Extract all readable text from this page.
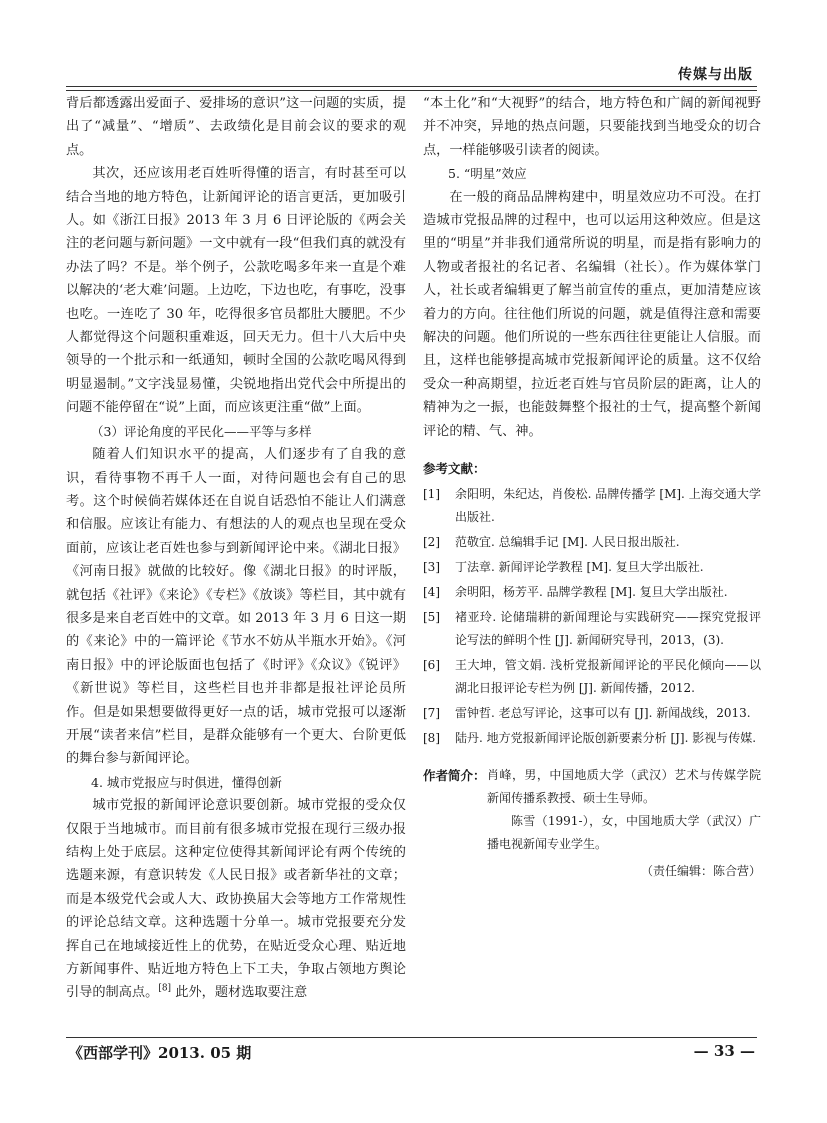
传媒与出版

背后都透露出爱面子、爱排场的意识”这一问题的实质，提出了“减量”、“增质”、去政绩化是目前会议的要求的观点。

其次，还应该用老百姓听得懂的语言，有时甚至可以结合当地的地方特色，让新闻评论的语言更活，更加吸引人。如《浙江日报》2013 年 3 月 6 日评论版的《两会关注的老问题与新问题》一文中就有一段“但我们真的就没有办法了吗？不是。举个例子，公款吃喝多年来一直是个难以解决的‘老大难’问题。上边吃，下边也吃，有事吃，没事也吃。一连吃了 30 年，吃得很多官员都肚大腰肥。不少人都觉得这个问题积重难返，回天无力。但十八大后中央领导的一个批示和一纸通知，顿时全国的公款吃喝风得到明显遏制。”文字浅显易懂，尖锐地指出党代会中所提出的问题不能停留在“说”上面，而应该更注重“做”上面。

（3）评论角度的平民化——平等与多样

随着人们知识水平的提高，人们逐步有了自我的意识，看待事物不再千人一面，对待问题也会有自己的思考。这个时候倘若媒体还在自说自话恐怕不能让人们满意和信服。应该让有能力、有想法的人的观点也呈现在受众面前，应该让老百姓也参与到新闻评论中来。《湖北日报》《河南日报》就做的比较好。像《湖北日报》的时评版，就包括《社评》《来论》《专栏》《放谈》等栏目，其中就有很多是来自老百姓中的文章。如 2013 年 3 月 6 日这一期的《来论》中的一篇评论《节水不妨从半瓶水开始》。《河南日报》中的评论版面也包括了《时评》《众议》《锐评》《新世说》等栏目，这些栏目也并非都是报社评论员所作。但是如果想要做得更好一点的话，城市党报可以逐渐开展“读者来信”栏目，是群众能够有一个更大、台阶更低的舞台参与新闻评论。

4. 城市党报应与时俱进，懂得创新

城市党报的新闻评论意识要创新。城市党报的受众仅仅限于当地城市。而目前有很多城市党报在现行三级办报结构上处于底层。这种定位使得其新闻评论有两个传统的选题来源，有意识转发《人民日报》或者新华社的文章；而是本级党代会或人大、政协换届大会等地方工作常规性的评论总结文章。这种选题十分单一。城市党报要充分发挥自己在地域接近性上的优势，在贴近受众心理、贴近地方新闻事件、贴近地方特色上下工夫，争取占领地方舆论引导的制高点。[8] 此外，题材选取要注意

“本土化”和“大视野”的结合，地方特色和广阔的新闻视野并不冲突，异地的热点问题，只要能找到当地受众的切合点，一样能够吸引读者的阅读。

5. “明星”效应

在一般的商品品牌构建中，明星效应功不可没。在打造城市党报品牌的过程中，也可以运用这种效应。但是这里的“明星”并非我们通常所说的明星，而是指有影响力的人物或者报社的名记者、名编辑（社长）。作为媒体掌门人，社长或者编辑更了解当前宣传的重点，更加清楚应该着力的方向。往往他们所说的问题，就是值得注意和需要解决的问题。他们所说的一些东西往往更能让人信服。而且，这样也能够提高城市党报新闻评论的质量。这不仅给受众一种高期望，拉近老百姓与官员阶层的距离，让人的精神为之一振，也能鼓舞整个报社的士气，提高整个新闻评论的精、气、神。

参考文献：
[1]	余阳明，朱纪达，肖俊松. 品牌传播学 [M]. 上海交通大学出版社.
[2]	范敬宜. 总编辑手记 [M]. 人民日报出版社.
[3]	丁法章. 新闻评论学教程 [M]. 复旦大学出版社.
[4]	余明阳，杨芳平. 品牌学教程 [M]. 复旦大学出版社.
[5]	褚亚玲. 论储瑞耕的新闻理论与实践研究——探究党报评论写法的鲜明个性 [J]. 新闻研究导刊，2013，(3).
[6]	王大坤，管文娟. 浅析党报新闻评论的平民化倾向——以湖北日报评论专栏为例 [J]. 新闻传播，2012.
[7]	雷钟哲. 老总写评论，这事可以有 [J]. 新闻战线，2013.
[8]	陆丹. 地方党报新闻评论版创新要素分析 [J]. 影视与传媒.
作者简介： 肖峰，男，中国地质大学（武汉）艺术与传媒学院新闻传播系教授、硕士生导师。
陈雪（1991-），女，中国地质大学（武汉）广播电视新闻专业学生。
（责任编辑：陈合营）
《西部学刊》2013. 05 期	— 33 —
